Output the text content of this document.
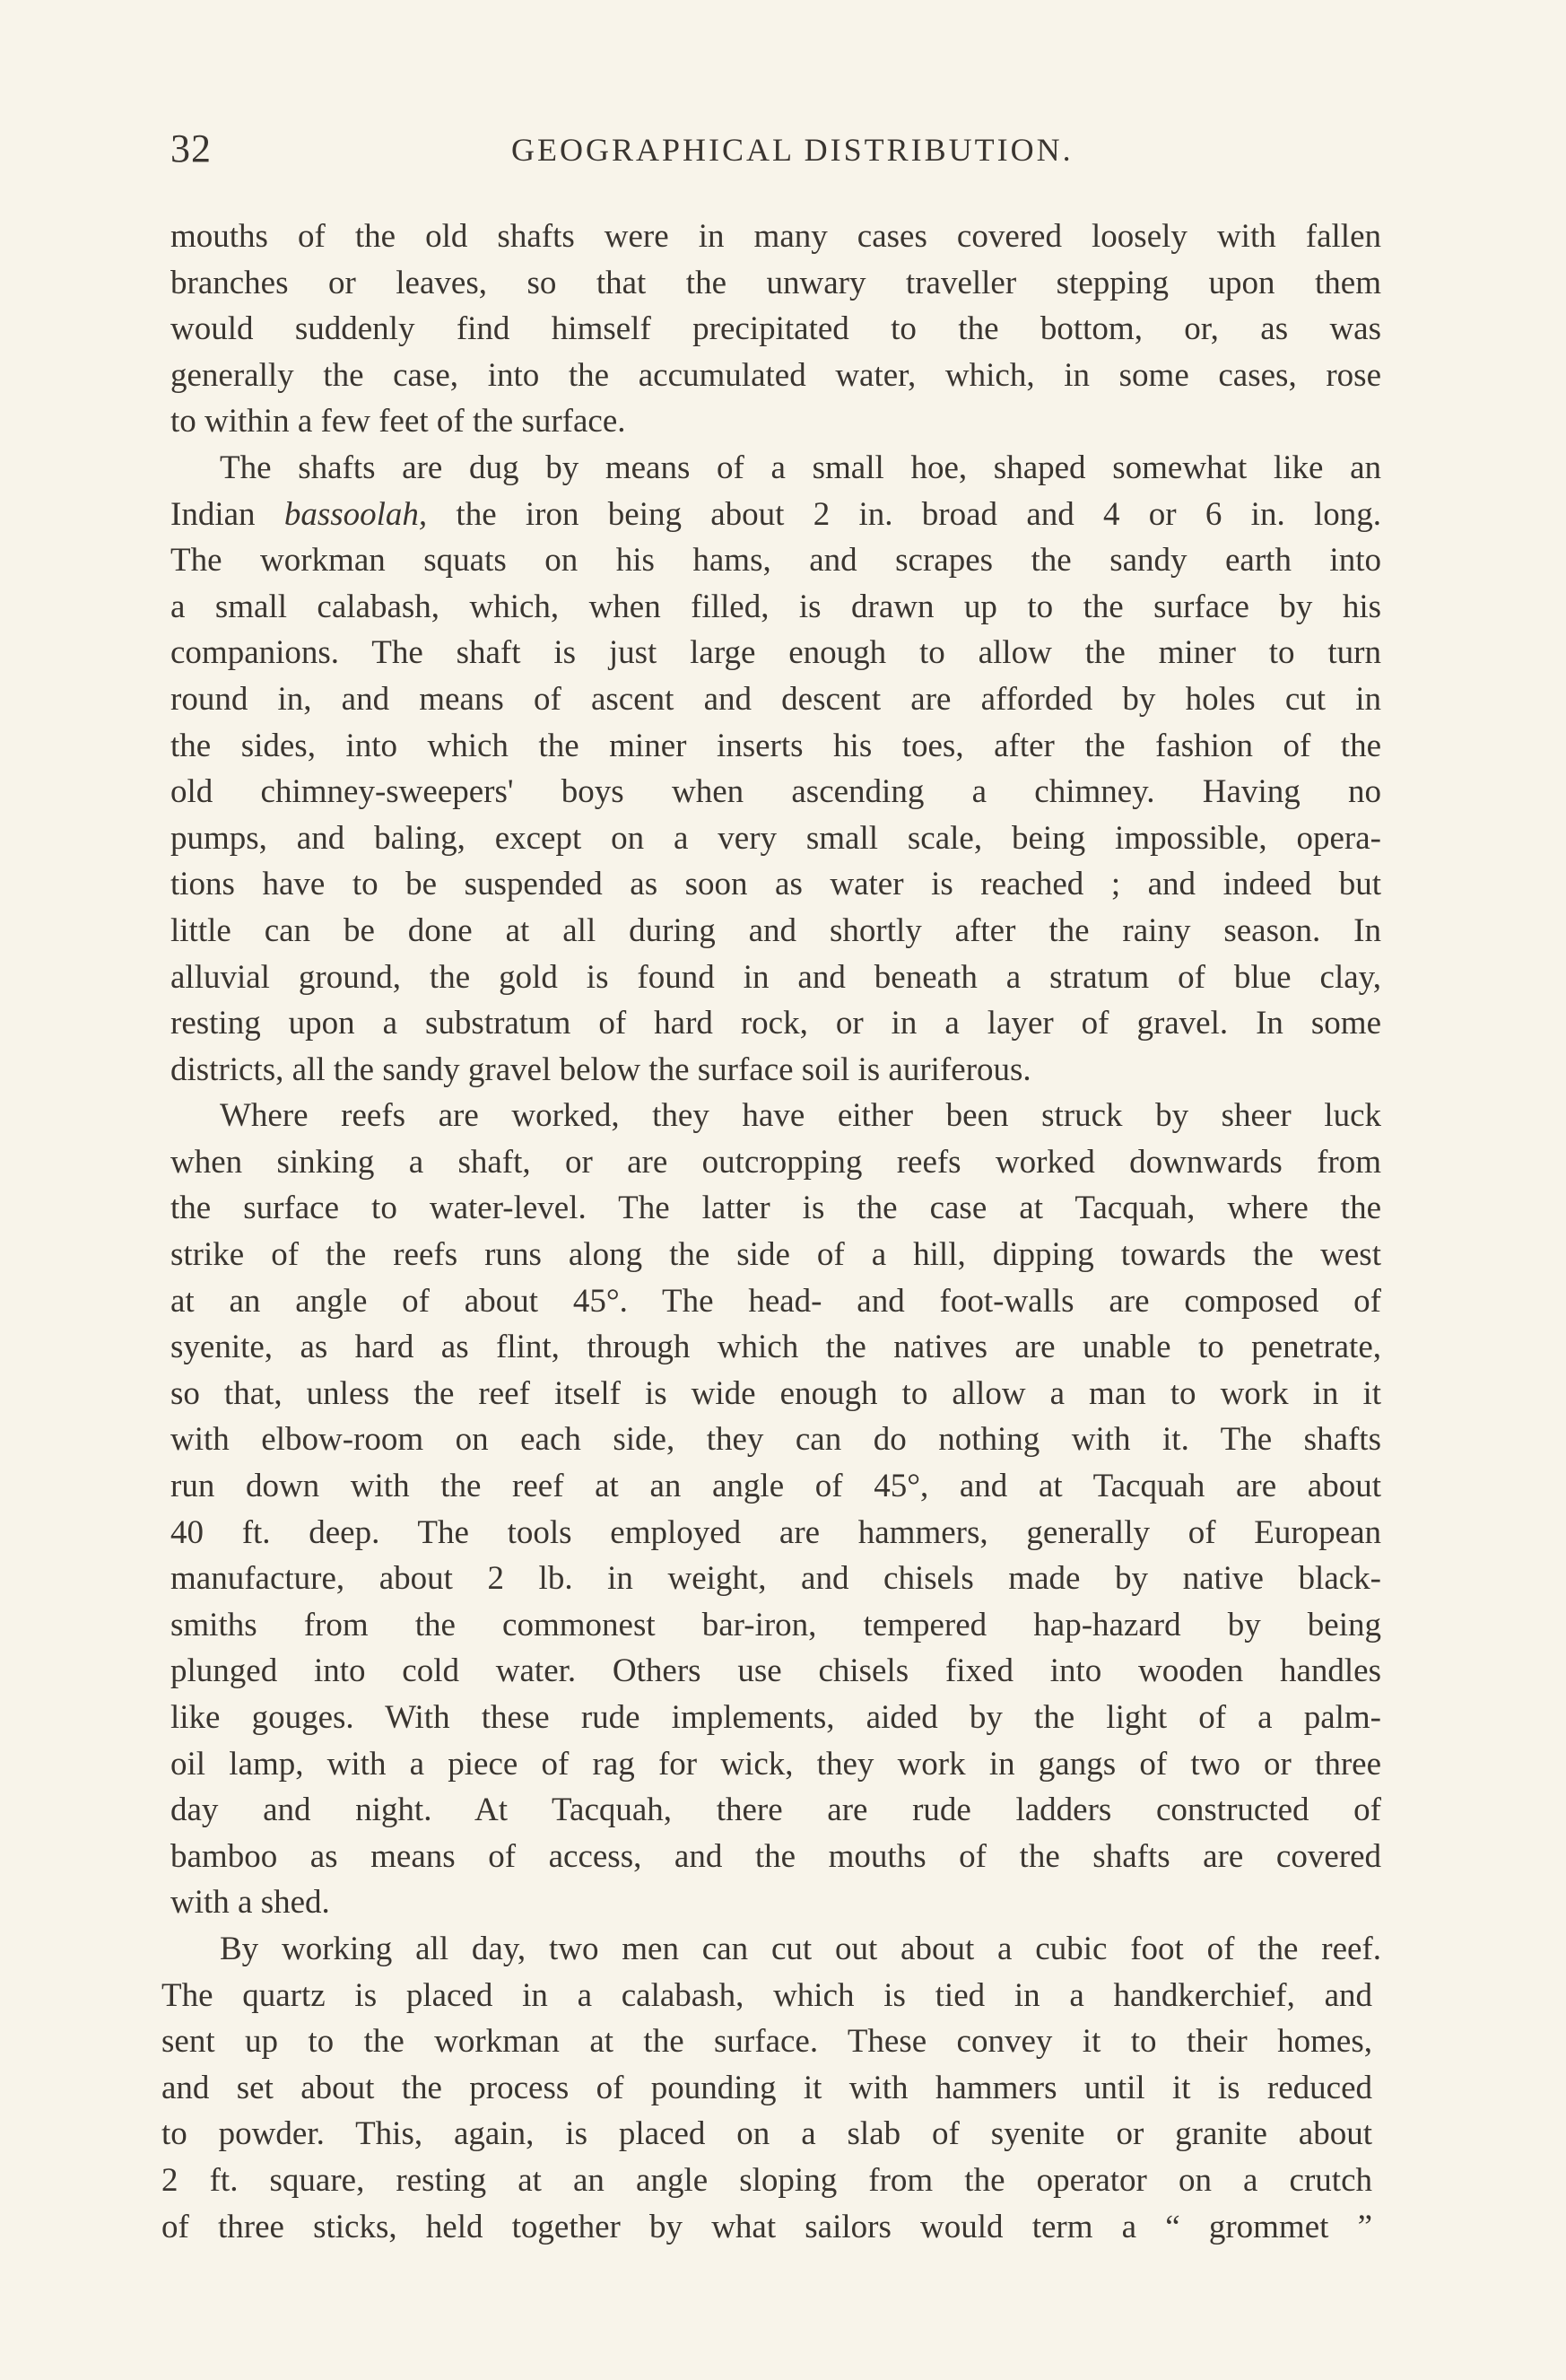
32	GEOGRAPHICAL DISTRIBUTION.
mouths of the old shafts were in many cases covered loosely with fallen
branches or leaves, so that the unwary traveller stepping upon them
would suddenly find himself precipitated to the bottom, or, as was
generally the case, into the accumulated water, which, in some cases, rose
to within a few feet of the surface.
The shafts are dug by means of a small hoe, shaped somewhat like an
Indian bassoolah, the iron being about 2 in. broad and 4 or 6 in. long.
The workman squats on his hams, and scrapes the sandy earth into
a small calabash, which, when filled, is drawn up to the surface by his
companions. The shaft is just large enough to allow the miner to turn
round in, and means of ascent and descent are afforded by holes cut in
the sides, into which the miner inserts his toes, after the fashion of the
old chimney-sweepers' boys when ascending a chimney. Having no
pumps, and baling, except on a very small scale, being impossible, opera-
tions have to be suspended as soon as water is reached ; and indeed but
little can be done at all during and shortly after the rainy season. In
alluvial ground, the gold is found in and beneath a stratum of blue clay,
resting upon a substratum of hard rock, or in a layer of gravel. In some
districts, all the sandy gravel below the surface soil is auriferous.
Where reefs are worked, they have either been struck by sheer luck
when sinking a shaft, or are outcropping reefs worked downwards from
the surface to water-level. The latter is the case at Tacquah, where the
strike of the reefs runs along the side of a hill, dipping towards the west
at an angle of about 45°. The head- and foot-walls are composed of
syenite, as hard as flint, through which the natives are unable to penetrate,
so that, unless the reef itself is wide enough to allow a man to work in it
with elbow-room on each side, they can do nothing with it. The shafts
run down with the reef at an angle of 45°, and at Tacquah are about
40 ft. deep. The tools employed are hammers, generally of European
manufacture, about 2 lb. in weight, and chisels made by native black-
smiths from the commonest bar-iron, tempered hap-hazard by being
plunged into cold water. Others use chisels fixed into wooden handles
like gouges. With these rude implements, aided by the light of a palm-
oil lamp, with a piece of rag for wick, they work in gangs of two or three
day and night. At Tacquah, there are rude ladders constructed of
bamboo as means of access, and the mouths of the shafts are covered
with a shed.
By working all day, two men can cut out about a cubic foot of the reef.
The quartz is placed in a calabash, which is tied in a handkerchief, and
sent up to the workman at the surface. These convey it to their homes,
and set about the process of pounding it with hammers until it is reduced
to powder. This, again, is placed on a slab of syenite or granite about
2 ft. square, resting at an angle sloping from the operator on a crutch
of three sticks, held together by what sailors would term a “ grommet ”
